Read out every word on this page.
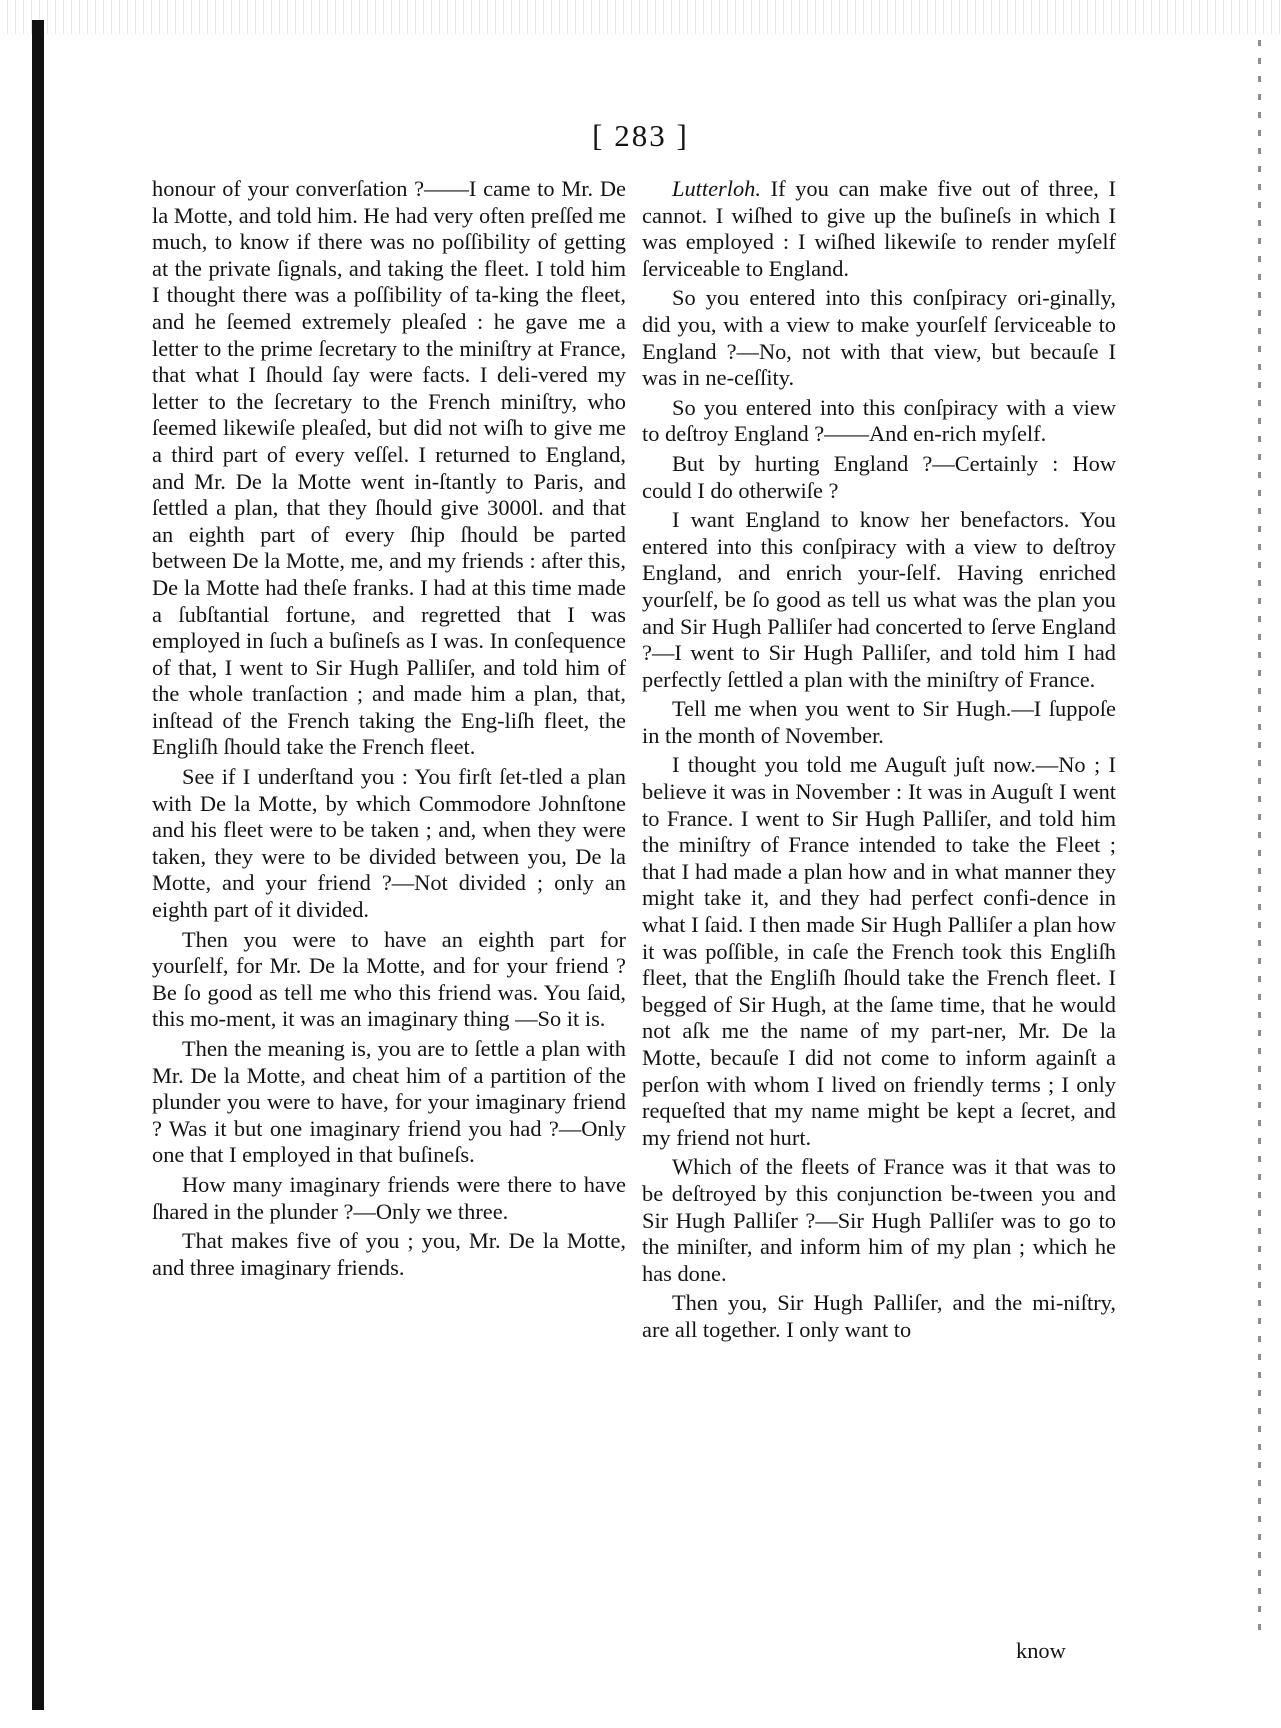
[ 283 ]

honour of your converſation ?——I came to Mr. De la Motte, and told him. He had very often preſſed me much, to know if there was no poſſibility of getting at the private ſignals, and taking the fleet. I told him I thought there was a poſſibility of ta-king the fleet, and he ſeemed extremely pleaſed : he gave me a letter to the prime ſecretary to the miniſtry at France, that what I ſhould ſay were facts. I deli-vered my letter to the ſecretary to the French miniſtry, who ſeemed likewiſe pleaſed, but did not wiſh to give me a third part of every veſſel. I returned to England, and Mr. De la Motte went in-ſtantly to Paris, and ſettled a plan, that they ſhould give 3000l. and that an eighth part of every ſhip ſhould be parted between De la Motte, me, and my friends : after this, De la Motte had theſe franks. I had at this time made a ſubſtantial fortune, and regretted that I was employed in ſuch a buſineſs as I was. In conſequence of that, I went to Sir Hugh Palliſer, and told him of the whole tranſaction ; and made him a plan, that, inſtead of the French taking the Eng-liſh fleet, the Engliſh ſhould take the French fleet.

See if I underſtand you : You firſt ſet-tled a plan with De la Motte, by which Commodore Johnſtone and his fleet were to be taken ; and, when they were taken, they were to be divided between you, De la Motte, and your friend ?—Not divided ; only an eighth part of it divided.

Then you were to have an eighth part for yourſelf, for Mr. De la Motte, and for your friend ? Be ſo good as tell me who this friend was. You ſaid, this mo-ment, it was an imaginary thing —So it is.

Then the meaning is, you are to ſettle a plan with Mr. De la Motte, and cheat him of a partition of the plunder you were to have, for your imaginary friend ? Was it but one imaginary friend you had ?—Only one that I employed in that buſineſs.

How many imaginary friends were there to have ſhared in the plunder ?—Only we three.

That makes five of you ; you, Mr. De la Motte, and three imaginary friends.

Lutterloh. If you can make five out of three, I cannot. I wiſhed to give up the buſineſs in which I was employed : I wiſhed likewiſe to render myſelf ſerviceable to England.

So you entered into this conſpiracy ori-ginally, did you, with a view to make yourſelf ſerviceable to England ?—No, not with that view, but becauſe I was in ne-ceſſity.

So you entered into this conſpiracy with a view to deſtroy England ?——And en-rich myſelf.

But by hurting England ?—Certainly : How could I do otherwiſe ?

I want England to know her benefactors. You entered into this conſpiracy with a view to deſtroy England, and enrich your-ſelf. Having enriched yourſelf, be ſo good as tell us what was the plan you and Sir Hugh Palliſer had concerted to ſerve England ?—I went to Sir Hugh Palliſer, and told him I had perfectly ſettled a plan with the miniſtry of France.

Tell me when you went to Sir Hugh.—I ſuppoſe in the month of November.

I thought you told me Auguſt juſt now.—No ; I believe it was in November : It was in Auguſt I went to France. I went to Sir Hugh Palliſer, and told him the miniſtry of France intended to take the Fleet ; that I had made a plan how and in what manner they might take it, and they had perfect confi-dence in what I ſaid. I then made Sir Hugh Palliſer a plan how it was poſſible, in caſe the French took this Engliſh fleet, that the Engliſh ſhould take the French fleet. I begged of Sir Hugh, at the ſame time, that he would not aſk me the name of my part-ner, Mr. De la Motte, becauſe I did not come to inform againſt a perſon with whom I lived on friendly terms ; I only requeſted that my name might be kept a ſecret, and my friend not hurt.

Which of the fleets of France was it that was to be deſtroyed by this conjunction be-tween you and Sir Hugh Palliſer ?—Sir Hugh Palliſer was to go to the miniſter, and inform him of my plan ; which he has done.

Then you, Sir Hugh Palliſer, and the mi-niſtry, are all together. I only want to

know
